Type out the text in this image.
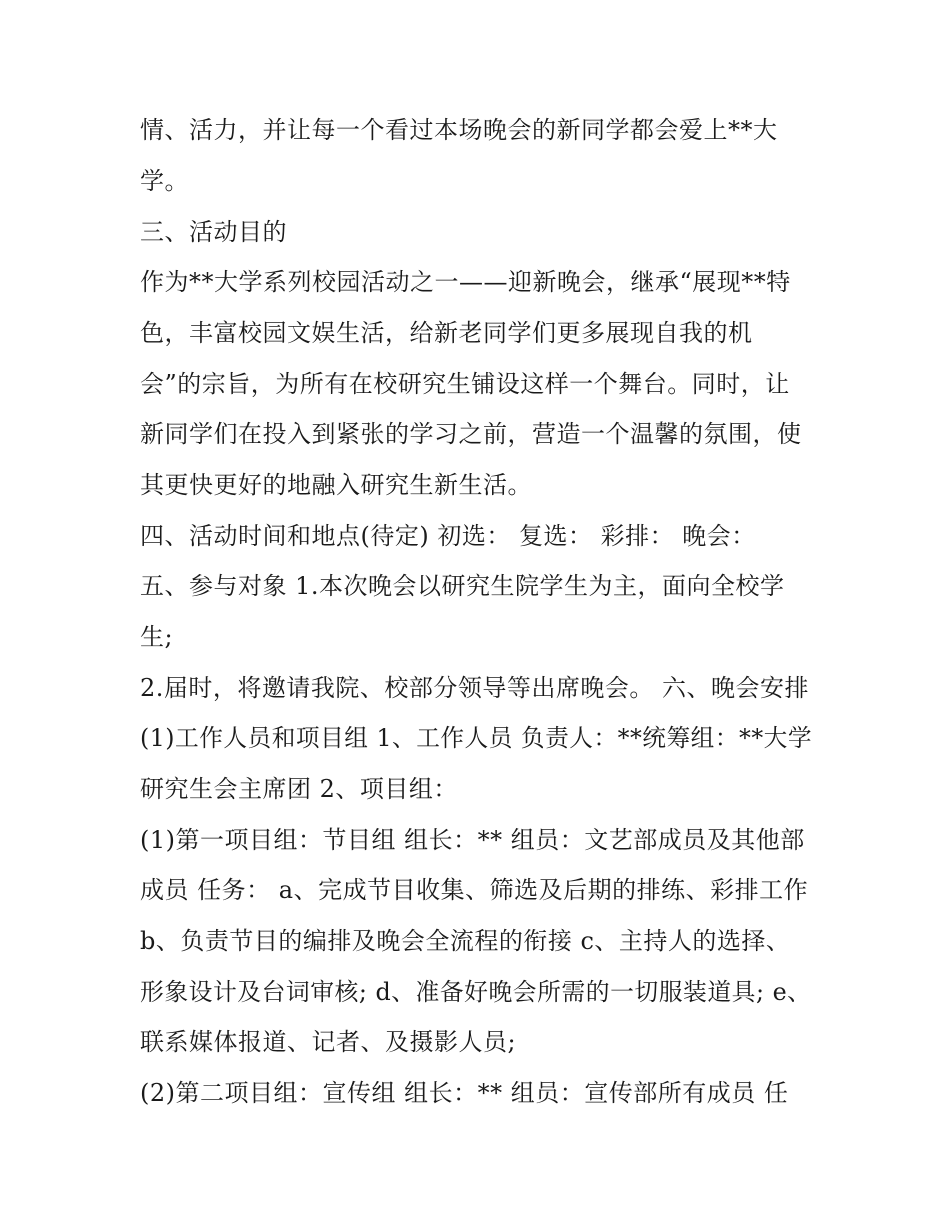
情、活力，并让每一个看过本场晚会的新同学都会爱上**大
学。
三、活动目的
作为**大学系列校园活动之一——迎新晚会，继承“展现**特
色，丰富校园文娱生活，给新老同学们更多展现自我的机
会”的宗旨，为所有在校研究生铺设这样一个舞台。同时，让
新同学们在投入到紧张的学习之前，营造一个温馨的氛围，使
其更快更好的地融入研究生新生活。
四、活动时间和地点(待定) 初选： 复选： 彩排： 晚会：
五、参与对象 1.本次晚会以研究生院学生为主，面向全校学
生;
2.届时，将邀请我院、校部分领导等出席晚会。 六、晚会安排
(1)工作人员和项目组 1、工作人员 负责人：**统筹组：**大学
研究生会主席团 2、项目组：
(1)第一项目组：节目组 组长：** 组员：文艺部成员及其他部
成员 任务： a、完成节目收集、筛选及后期的排练、彩排工作
b、负责节目的编排及晚会全流程的衔接 c、主持人的选择、
形象设计及台词审核; d、准备好晚会所需的一切服装道具; e、
联系媒体报道、记者、及摄影人员;
(2)第二项目组：宣传组 组长：** 组员：宣传部所有成员 任
